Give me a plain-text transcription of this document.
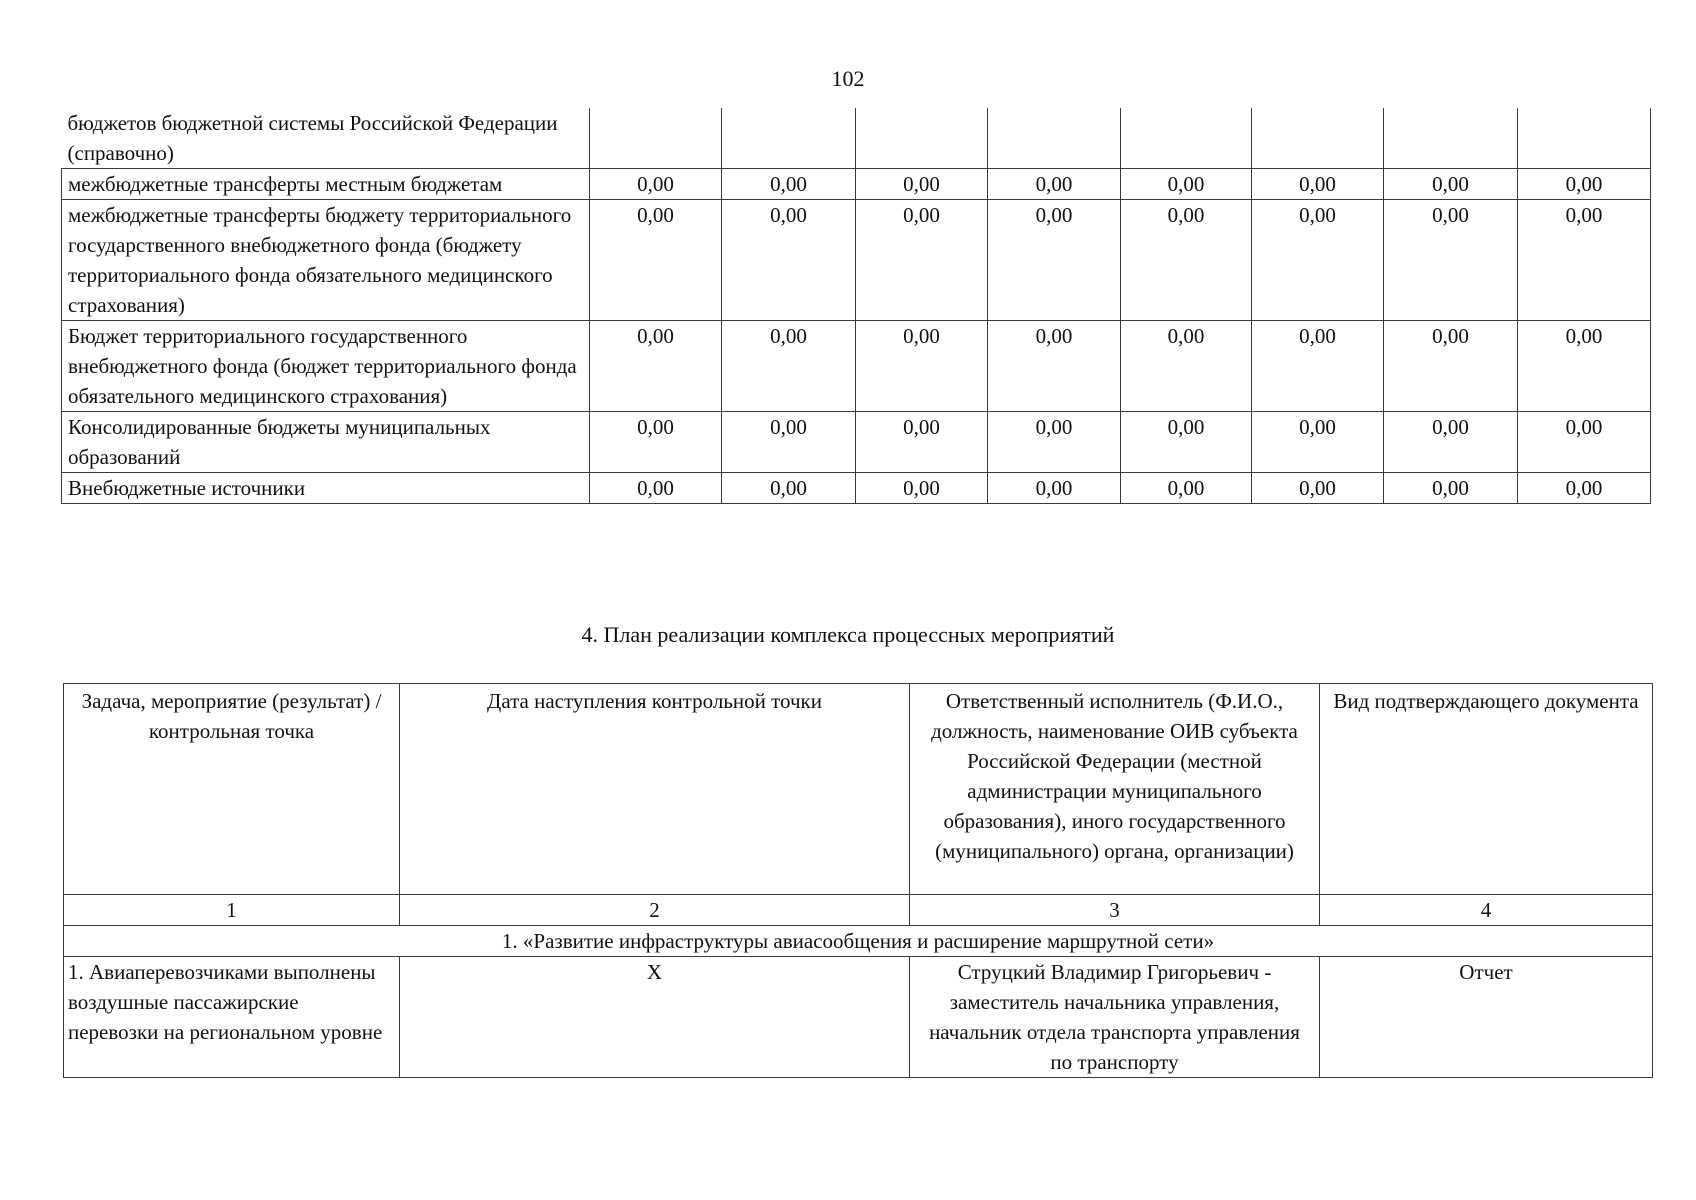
102
бюджетов бюджетной системы Российской Федерации (справочно)								
межбюджетные трансферты местным бюджетам	0,00	0,00	0,00	0,00	0,00	0,00	0,00	0,00
межбюджетные трансферты бюджету территориального государственного внебюджетного фонда (бюджету территориального фонда обязательного медицинского страхования)	0,00	0,00	0,00	0,00	0,00	0,00	0,00	0,00
Бюджет территориального государственного внебюджетного фонда (бюджет территориального фонда обязательного медицинского страхования)	0,00	0,00	0,00	0,00	0,00	0,00	0,00	0,00
Консолидированные бюджеты муниципальных образований	0,00	0,00	0,00	0,00	0,00	0,00	0,00	0,00
Внебюджетные источники	0,00	0,00	0,00	0,00	0,00	0,00	0,00	0,00
4. План реализации комплекса процессных мероприятий
Задача, мероприятие (результат) / контрольная точка	Дата наступления контрольной точки	Ответственный исполнитель (Ф.И.О., должность, наименование ОИВ субъекта Российской Федерации (местной администрации муниципального образования), иного государственного (муниципального) органа, организации)	Вид подтверждающего документа
1	2	3	4
1. «Развитие инфраструктуры авиасообщения и расширение маршрутной сети»			
1. Авиаперевозчиками выполнены воздушные пассажирские перевозки на региональном уровне	Х	Струцкий Владимир Григорьевич - заместитель начальника управления, начальник отдела транспорта управления по транспорту	Отчет
